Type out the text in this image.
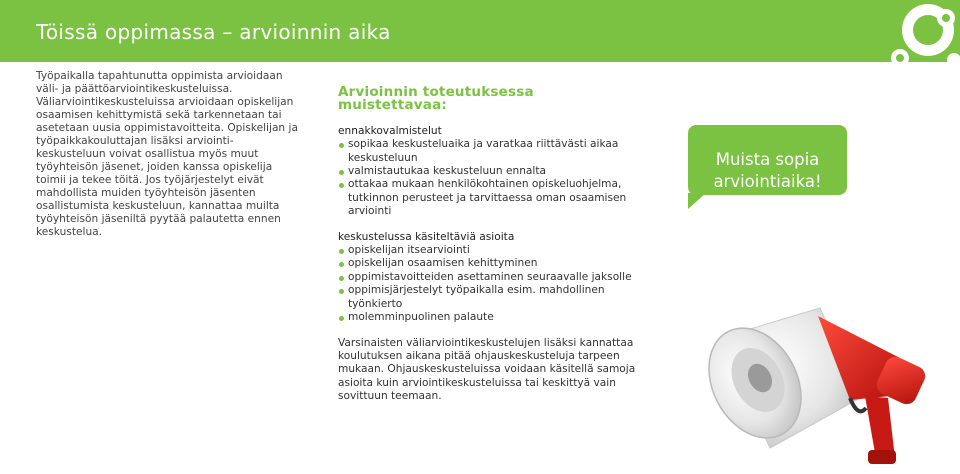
Töissä oppimassa – arvioinnin aika

Työpaikalla tapahtunutta oppimista arvioidaan väli- ja päättöarviointikeskusteluissa. Väliarviointikeskusteluissa arvioidaan opiskelijan osaamisen kehittymistä sekä tarkennetaan tai asetetaan uusia oppimistavoitteita. Opiskelijan ja työpaikkakouluttajan lisäksi arviointi-keskusteluun voivat osallistua myös muut työyhteisön jäsenet, joiden kanssa opiskelija toimii ja tekee töitä. Jos työjärjestelyt eivät mahdollista muiden työyhteisön jäsenten osallistumista keskusteluun, kannattaa muilta työyhteisön jäseniltä pyytää palautetta ennen keskustelua.

Arvioinnin toteutuksessa muistettavaa:

ennakkovalmistelut

sopikaa keskusteluaika ja varatkaa riittävästi aikaa keskusteluun
valmistautukaa keskusteluun ennalta
ottakaa mukaan henkilökohtainen opiskeluohjelma, tutkinnon perusteet ja tarvittaessa oman osaamisen arviointi

keskustelussa käsiteltäviä asioita

opiskelijan itsearviointi
opiskelijan osaamisen kehittyminen
oppimistavoitteiden asettaminen seuraavalle jaksolle
oppimisjärjestelyt työpaikalla esim. mahdollinen työnkierto
molemminpuolinen palaute

Varsinaisten väliarviointikeskustelujen lisäksi kannattaa koulutuksen aikana pitää ohjauskeskusteluja tarpeen mukaan. Ohjauskeskusteluissa voidaan käsitellä samoja asioita kuin arviointikeskusteluissa tai keskittyä vain sovittuun teemaan.

Muista sopia
arviointiaika!
